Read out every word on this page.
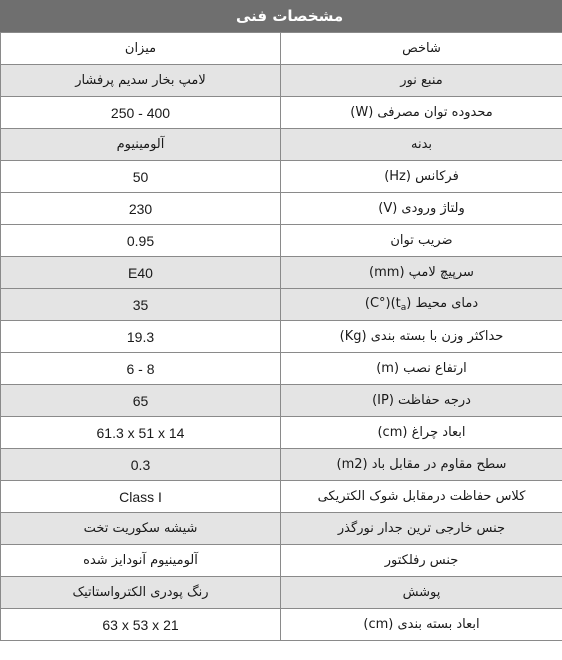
مشخصات فنی
میزان	شاخص
لامپ بخار سدیم پرفشار	منبع نور
250 - 400	محدوده توان مصرفی (W)
آلومینیوم	بدنه
50	فرکانس (Hz)
230	ولتاژ ورودی (V)
0.95	ضریب توان
E40	سرپیچ لامپ (mm)
35	دمای محیط $(t_a)(^\circ C)$
19.3	حداکثر وزن با بسته بندی (Kg)
6 - 8	ارتفاع نصب (m)
65	درجه حفاظت (IP)
61.3 x 51 x 14	ابعاد چراغ (cm)
0.3	سطح مقاوم در مقابل باد (m2)
Class I	کلاس حفاظت درمقابل شوک الکتریکی
شیشه سکوریت تخت	جنس خارجی ترین جدار نورگذر
آلومینیوم آنودایز شده	جنس رفلکتور
رنگ پودری الکترواستاتیک	پوشش
63 x 53 x 21	ابعاد بسته بندی (cm)
